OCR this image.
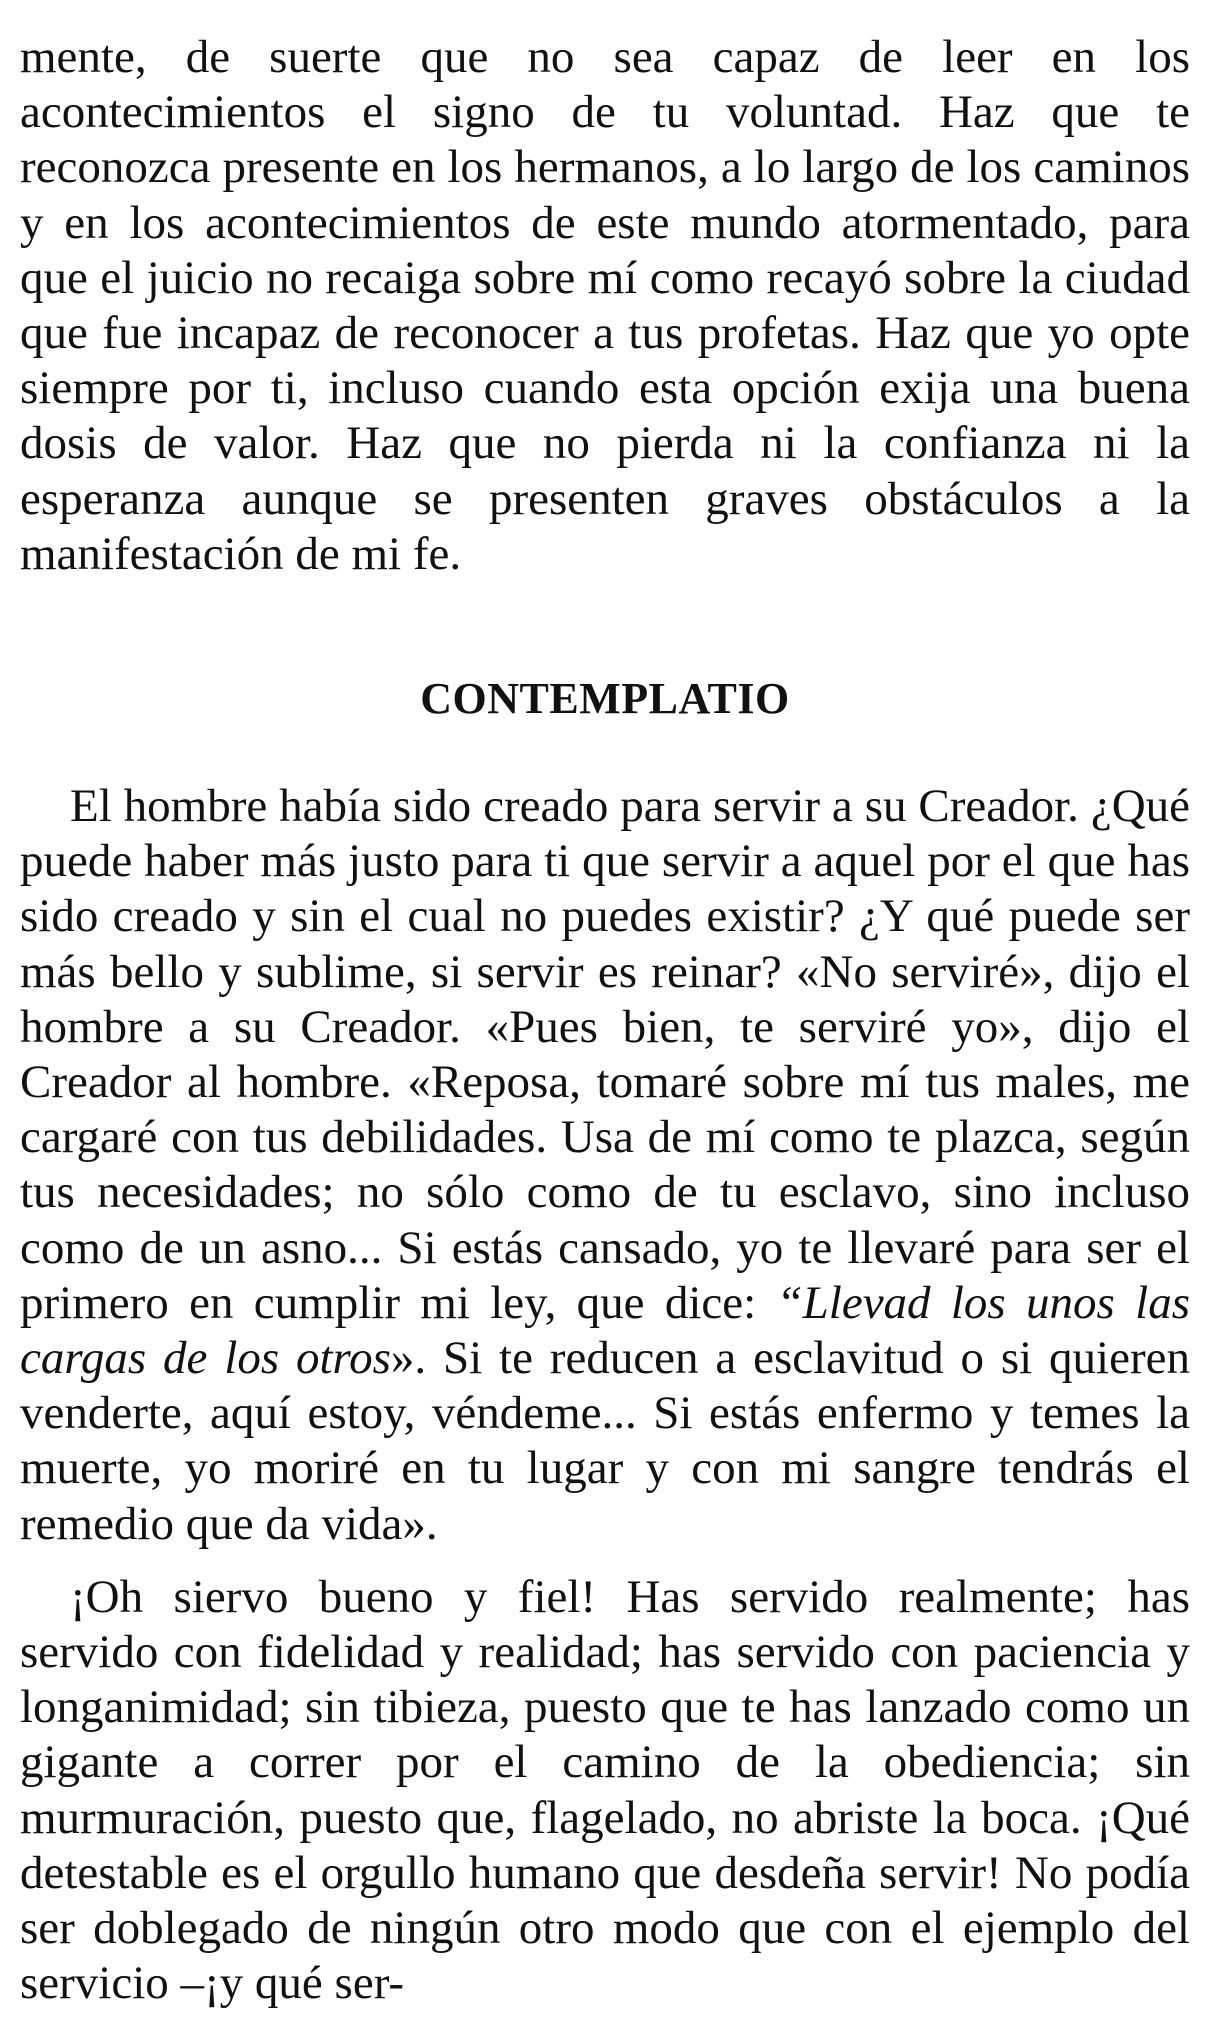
mente, de suerte que no sea capaz de leer en los acontecimientos el signo de tu voluntad. Haz que te reconozca presente en los hermanos, a lo largo de los caminos y en los acontecimientos de este mundo atormentado, para que el juicio no recaiga sobre mí como recayó sobre la ciudad que fue incapaz de reconocer a tus profetas. Haz que yo opte siempre por ti, incluso cuando esta opción exija una buena dosis de valor. Haz que no pierda ni la confianza ni la esperanza aunque se presenten graves obstáculos a la manifestación de mi fe.

CONTEMPLATIO

El hombre había sido creado para servir a su Creador. ¿Qué puede haber más justo para ti que servir a aquel por el que has sido creado y sin el cual no puedes existir? ¿Y qué puede ser más bello y sublime, si servir es reinar? «No serviré», dijo el hombre a su Creador. «Pues bien, te serviré yo», dijo el Creador al hombre. «Reposa, tomaré sobre mí tus males, me cargaré con tus debilidades. Usa de mí como te plazca, según tus necesidades; no sólo como de tu esclavo, sino incluso como de un asno... Si estás cansado, yo te llevaré para ser el primero en cumplir mi ley, que dice: “Llevad los unos las cargas de los otros». Si te reducen a esclavitud o si quieren venderte, aquí estoy, véndeme... Si estás enfermo y temes la muerte, yo moriré en tu lugar y con mi sangre tendrás el remedio que da vida».

¡Oh siervo bueno y fiel! Has servido realmente; has servido con fidelidad y realidad; has servido con paciencia y longanimidad; sin tibieza, puesto que te has lanzado como un gigante a correr por el camino de la obediencia; sin murmuración, puesto que, flagelado, no abriste la boca. ¡Qué detestable es el orgullo humano que desdeña servir! No podía ser doblegado de ningún otro modo que con el ejemplo del servicio –¡y qué ser-
